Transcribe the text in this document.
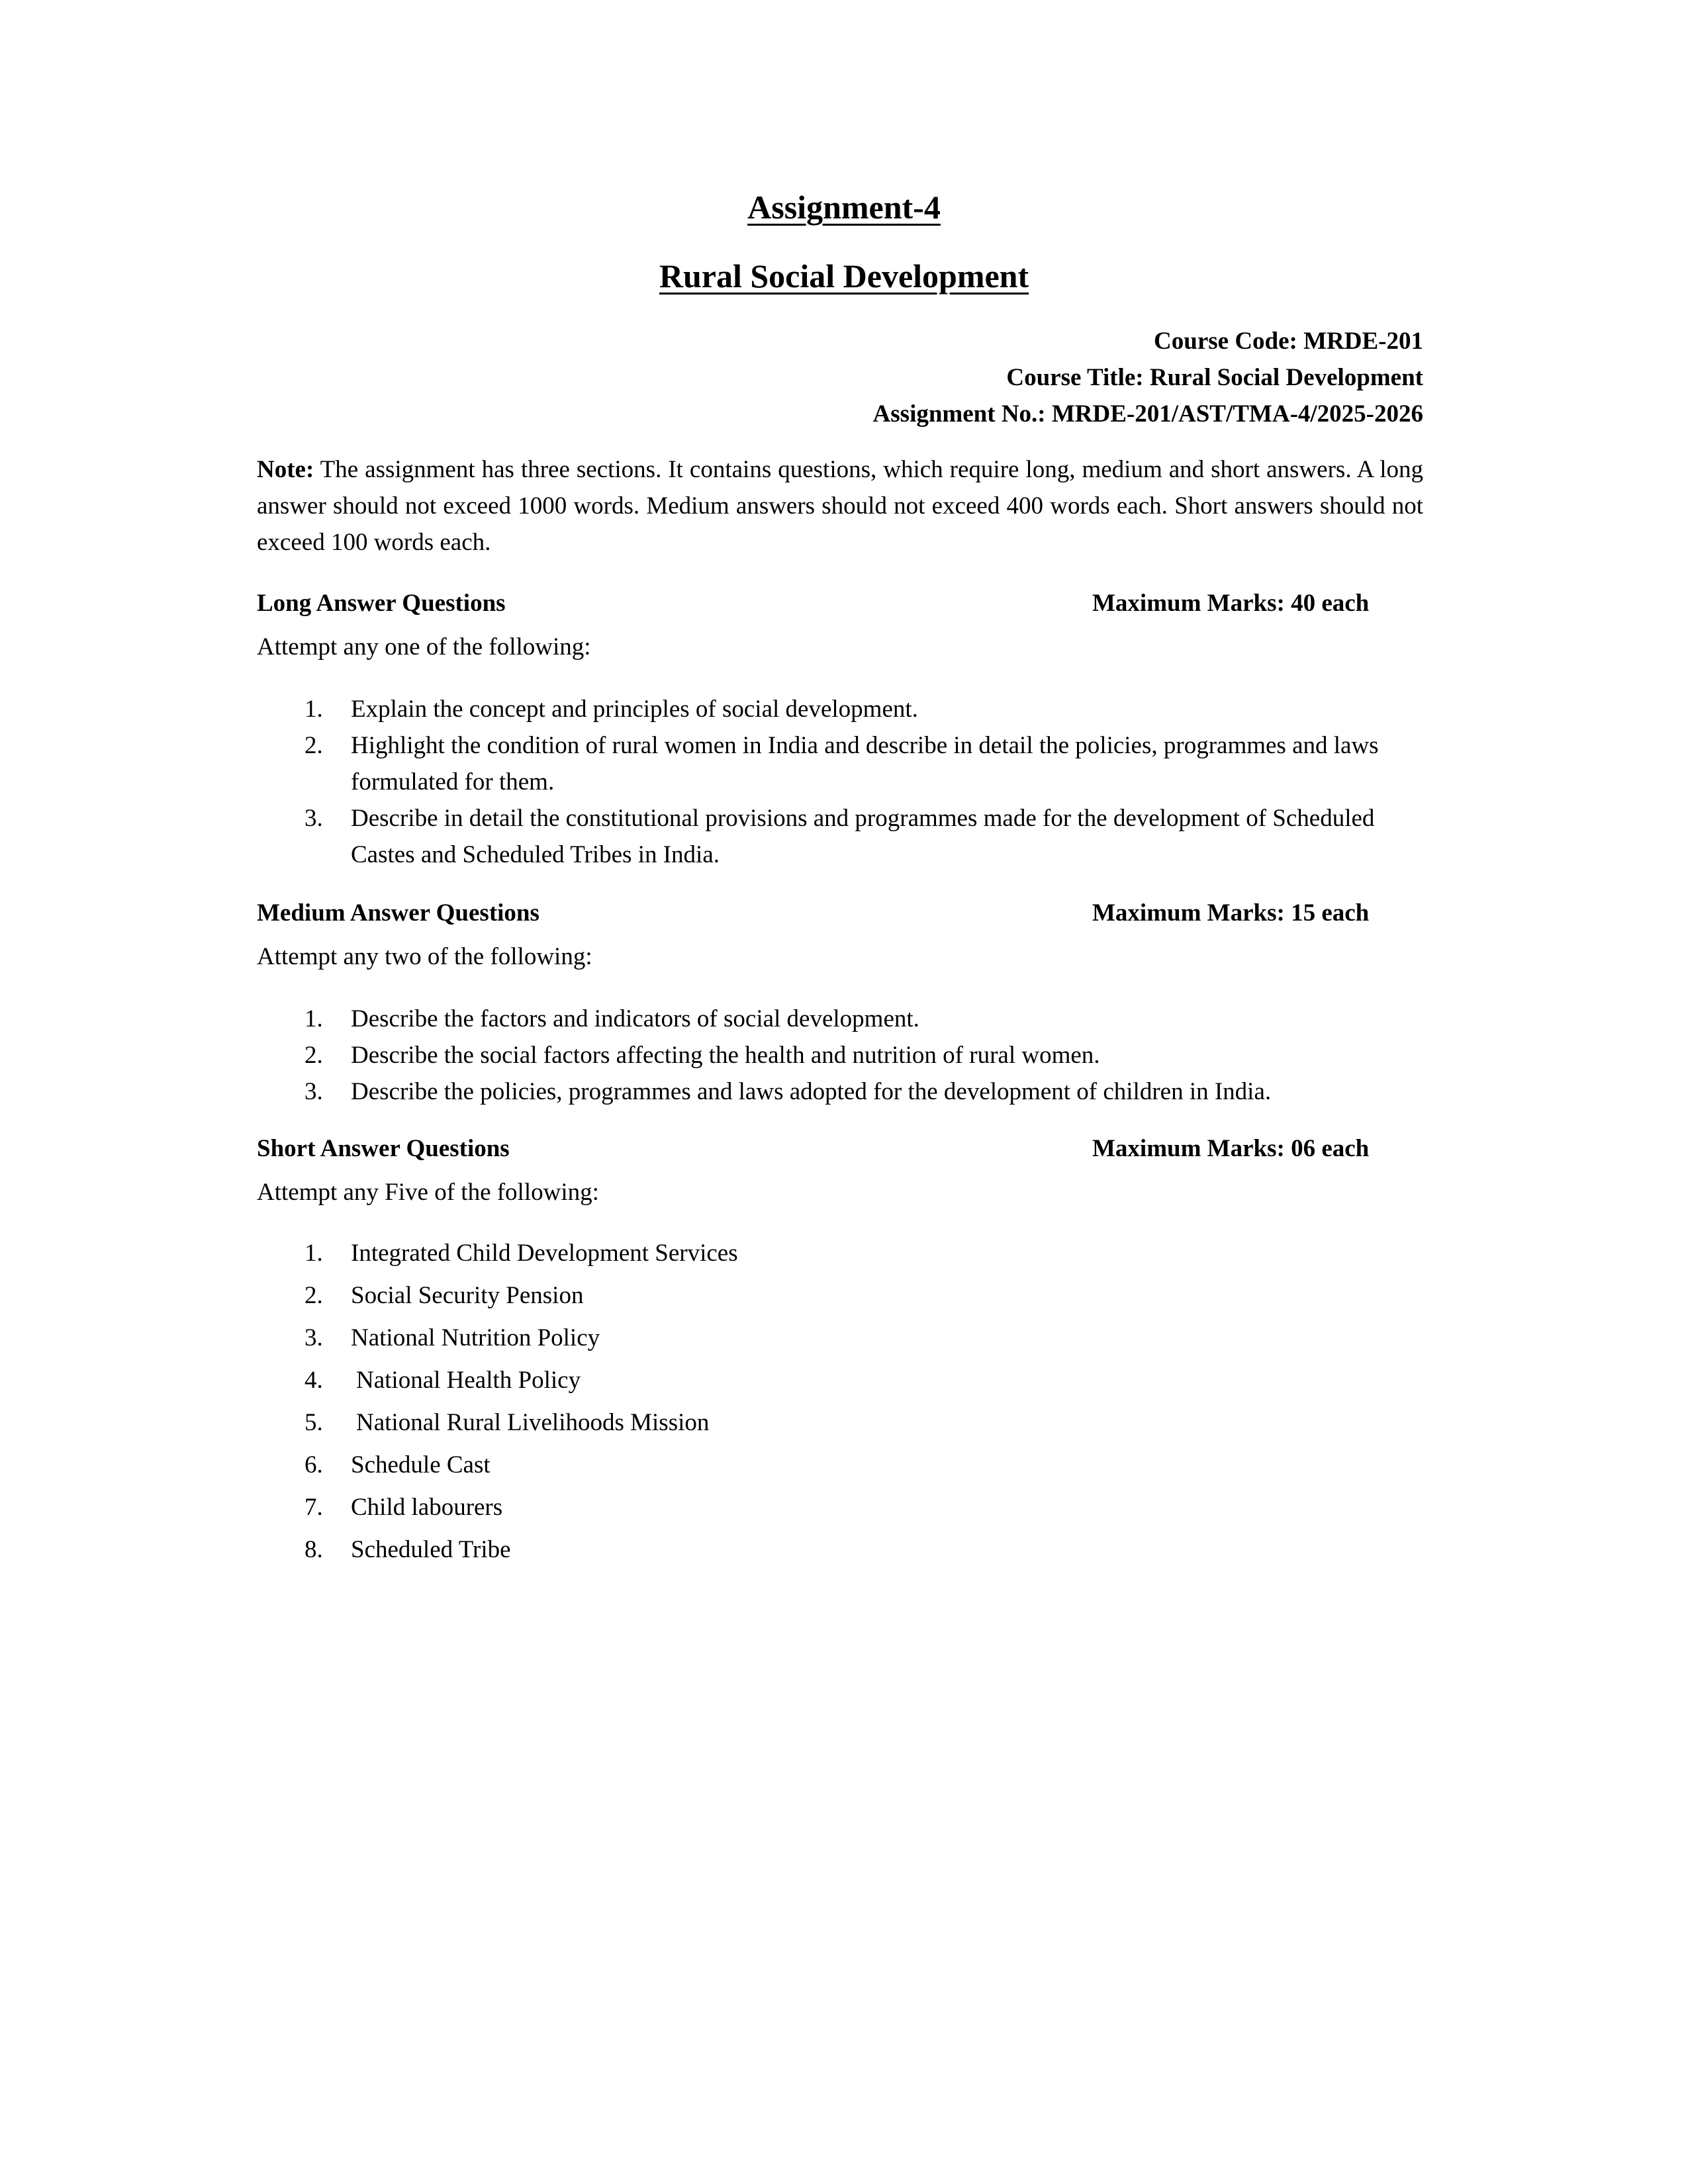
Assignment-4
Rural Social Development
Course Code: MRDE-201
Course Title: Rural Social Development
Assignment No.: MRDE-201/AST/TMA-4/2025-2026
Note: The assignment has three sections. It contains questions, which require long, medium and short answers. A long answer should not exceed 1000 words. Medium answers should not exceed 400 words each. Short answers should not exceed 100 words each.
Long Answer Questions	Maximum Marks: 40 each
Attempt any one of the following:
1. Explain the concept and principles of social development.
2. Highlight the condition of rural women in India and describe in detail the policies, programmes and laws formulated for them.
3. Describe in detail the constitutional provisions and programmes made for the development of Scheduled Castes and Scheduled Tribes in India.
Medium Answer Questions	Maximum Marks: 15 each
Attempt any two of the following:
1. Describe the factors and indicators of social development.
2. Describe the social factors affecting the health and nutrition of rural women.
3. Describe the policies, programmes and laws adopted for the development of children in India.
Short Answer Questions	Maximum Marks: 06 each
Attempt any Five of the following:
1. Integrated Child Development Services
2. Social Security Pension
3. National Nutrition Policy
4. National Health Policy
5. National Rural Livelihoods Mission
6. Schedule Cast
7. Child labourers
8. Scheduled Tribe
